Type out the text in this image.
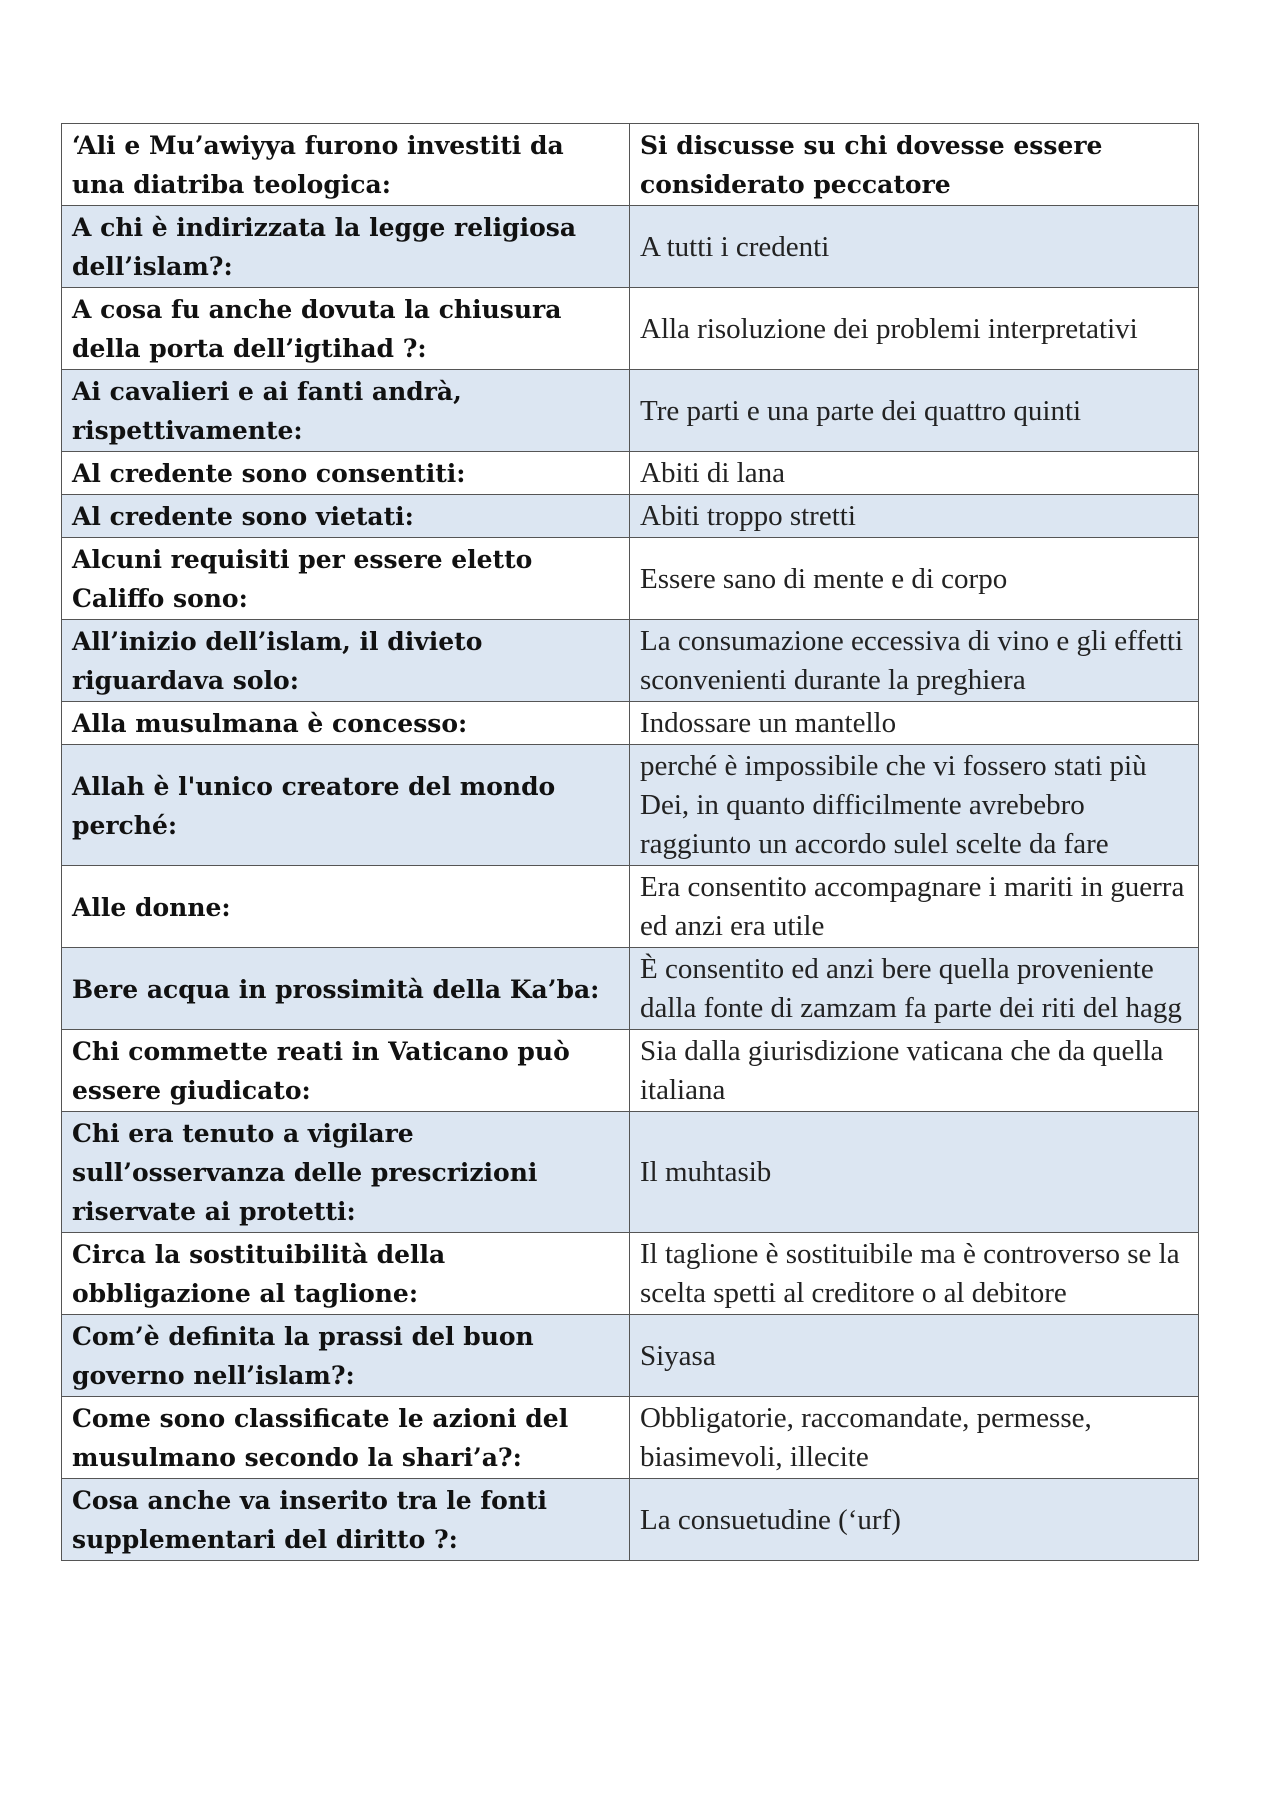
‘Ali e Mu’awiyya furono investiti da una diatriba teologica:	Si discusse su chi dovesse essere considerato peccatore
A chi è indirizzata la legge religiosa dell’islam?:	A tutti i credenti
A cosa fu anche dovuta la chiusura della porta dell’igtihad ?:	Alla risoluzione dei problemi interpretativi
Ai cavalieri e ai fanti andrà, rispettivamente:	Tre parti e una parte dei quattro quinti
Al credente sono consentiti:	Abiti di lana
Al credente sono vietati:	Abiti troppo stretti
Alcuni requisiti per essere eletto Califfo sono:	Essere sano di mente e di corpo
All’inizio dell’islam, il divieto riguardava solo:	La consumazione eccessiva di vino e gli effetti sconvenienti durante la preghiera
Alla musulmana è concesso:	Indossare un mantello
Allah è l'unico creatore del mondo perché:	perché è impossibile che vi fossero stati più Dei, in quanto difficilmente avrebebro raggiunto un accordo sulel scelte da fare
Alle donne:	Era consentito accompagnare i mariti in guerra ed anzi era utile
Bere acqua in prossimità della Ka’ba:	È consentito ed anzi bere quella proveniente dalla fonte di zamzam fa parte dei riti del hagg
Chi commette reati in Vaticano può essere giudicato:	Sia dalla giurisdizione vaticana che da quella italiana
Chi era tenuto a vigilare sull’osservanza delle prescrizioni riservate ai protetti:	Il muhtasib
Circa la sostituibilità della obbligazione al taglione:	Il taglione è sostituibile ma è controverso se la scelta spetti al creditore o al debitore
Com’è definita la prassi del buon governo nell’islam?:	Siyasa
Come sono classificate le azioni del musulmano secondo la shari’a?:	Obbligatorie, raccomandate, permesse, biasimevoli, illecite
Cosa anche va inserito tra le fonti supplementari del diritto ?:	La consuetudine (‘urf)
